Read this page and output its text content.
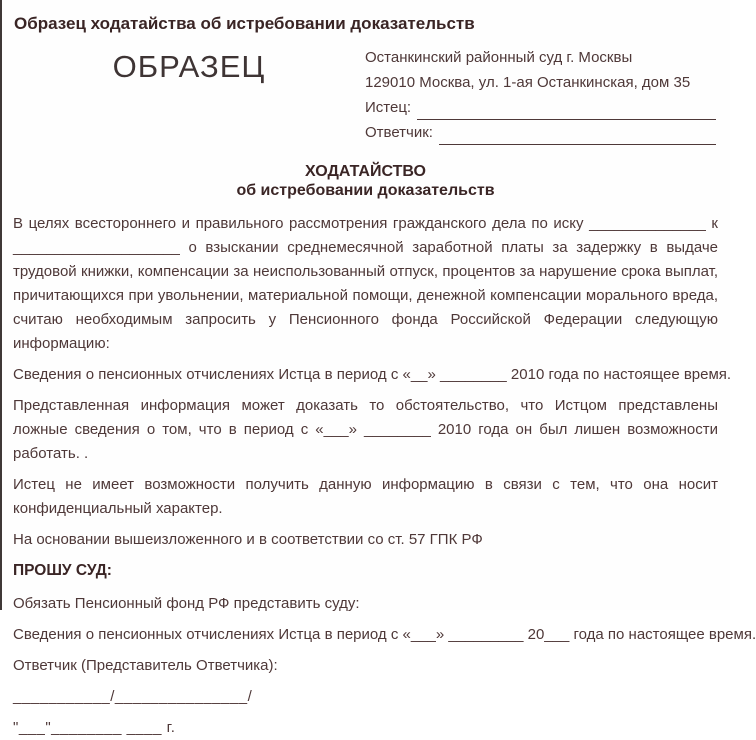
Образец ходатайства об истребовании доказательств
ОБРАЗЕЦ	Останкинский районный суд г. Москвы
129010 Москва, ул. 1-ая Останкинская, дом 35
Истец:
Ответчик:
ХОДАТАЙСТВО
об истребовании доказательств

В целях всестороннего и правильного рассмотрения гражданского дела по иску ______________ к ____________________ о взыскании среднемесячной заработной платы за задержку в выдаче трудовой книжки, компенсации за неиспользованный отпуск, процентов за нарушение срока выплат, причитающихся при увольнении, материальной помощи, денежной компенсации морального вреда, считаю необходимым запросить у Пенсионного фонда Российской Федерации следующую информацию:

Сведения о пенсионных отчислениях Истца в период с «__» ________ 2010 года по настоящее время.

Представленная информация может доказать то обстоятельство, что Истцом представлены ложные сведения о том, что в период с «___» ________ 2010 года он был лишен возможности работать. .

Истец не имеет возможности получить данную информацию в связи с тем, что она носит конфиденциальный характер.

На основании вышеизложенного и в соответствии со ст. 57 ГПК РФ

ПРОШУ СУД:

Обязать Пенсионный фонд РФ представить суду:

Сведения о пенсионных отчислениях Истца в период с «___» _________ 20___ года по настоящее время.

Ответчик (Представитель Ответчика):

___________/_______________/

"___"________ ____ г.
